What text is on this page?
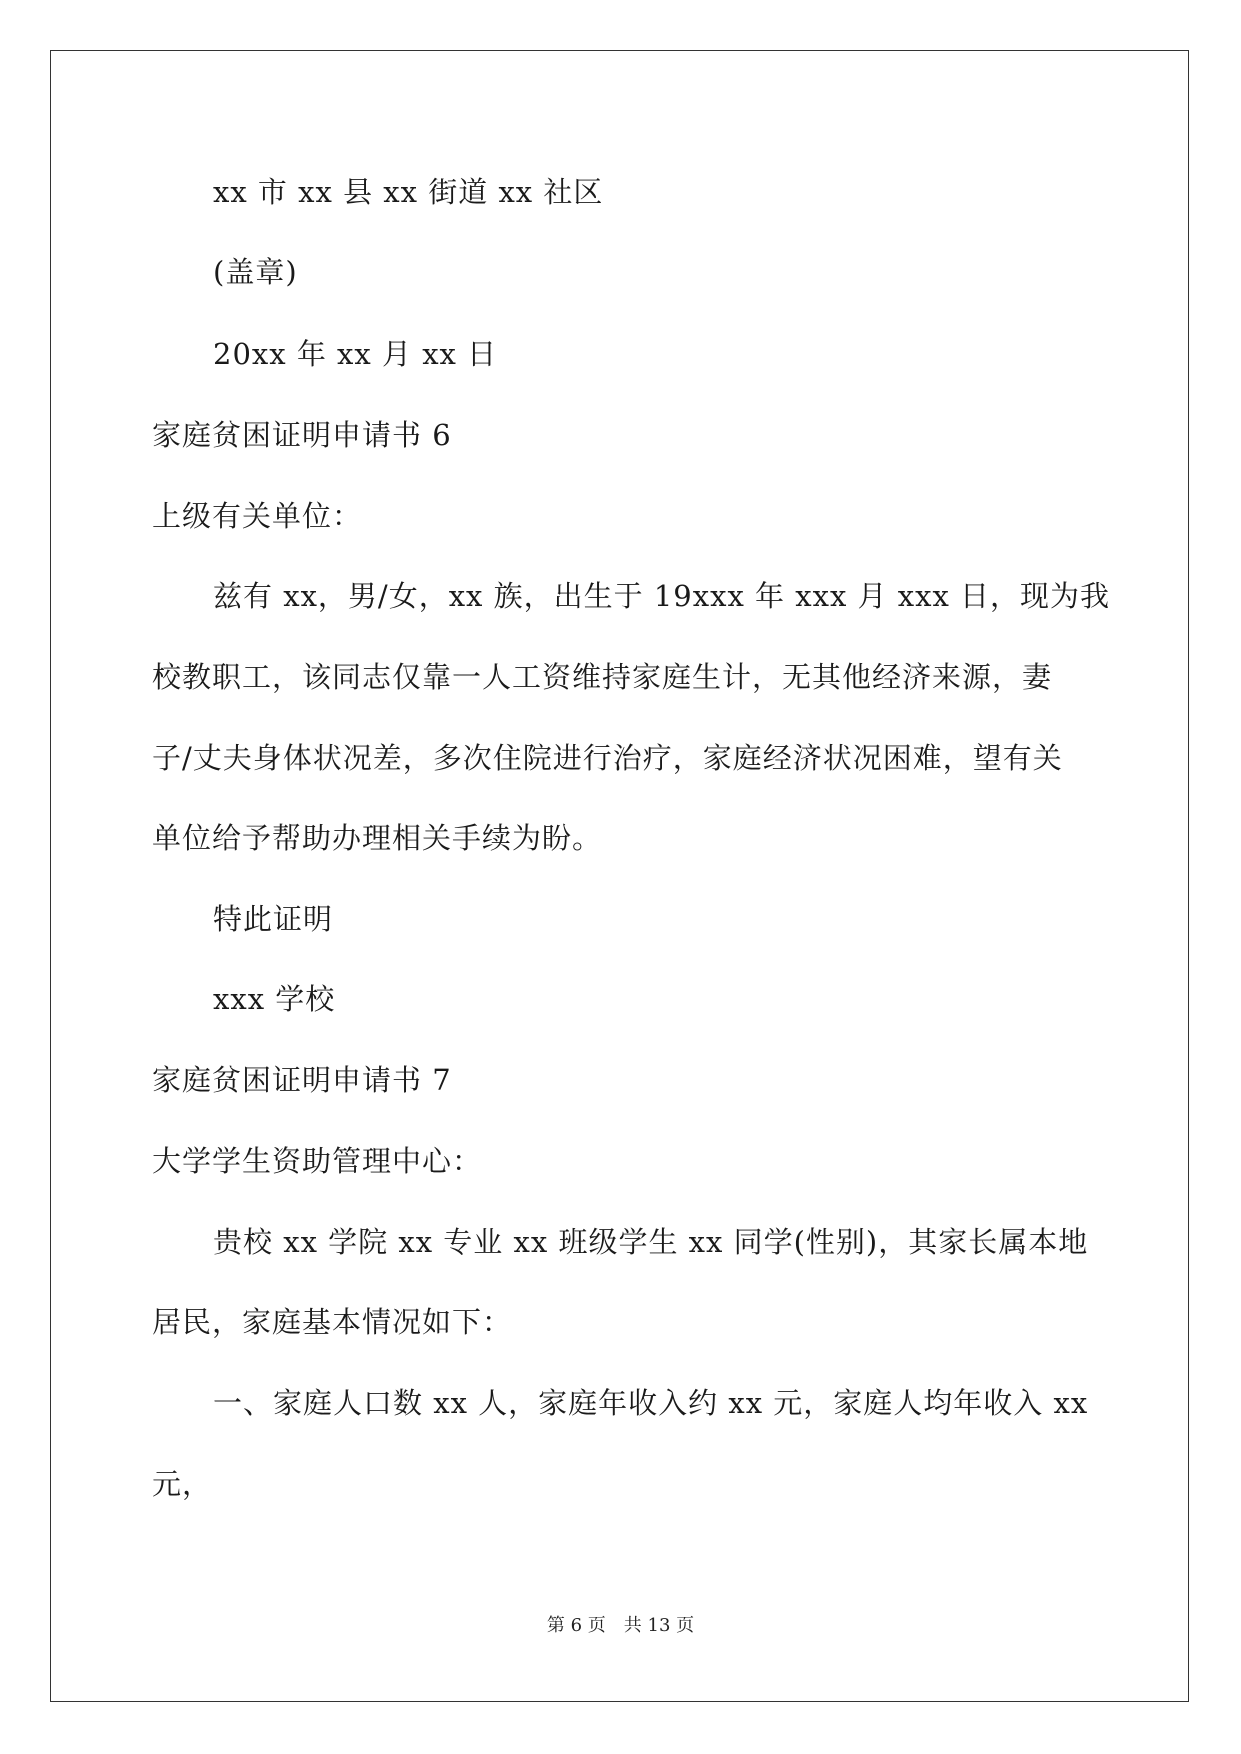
xx 市 xx 县 xx 街道 xx 社区
(盖章)
20xx 年 xx 月 xx 日
家庭贫困证明申请书 6
上级有关单位：
兹有 xx，男/女，xx 族，出生于 19xxx 年 xxx 月 xxx 日，现为我
校教职工，该同志仅靠一人工资维持家庭生计，无其他经济来源，妻
子/丈夫身体状况差，多次住院进行治疗，家庭经济状况困难，望有关
单位给予帮助办理相关手续为盼。
特此证明
xxx 学校
家庭贫困证明申请书 7
大学学生资助管理中心：
贵校 xx 学院 xx 专业 xx 班级学生 xx 同学(性别)，其家长属本地
居民，家庭基本情况如下：
一、家庭人口数 xx 人，家庭年收入约 xx 元，家庭人均年收入 xx
元，
第 6 页　共 13 页
